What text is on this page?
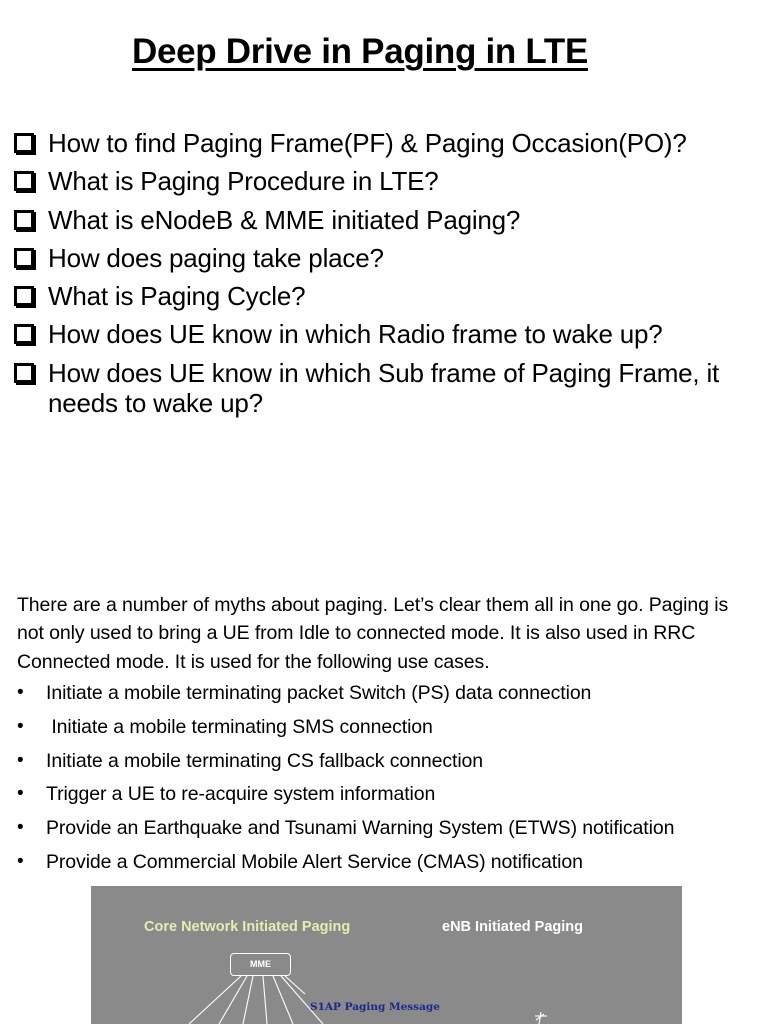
Deep Drive in Paging in LTE
How to find Paging Frame(PF) & Paging Occasion(PO)?
What is Paging Procedure in LTE?
What is eNodeB & MME initiated Paging?
How does paging take place?
What is Paging Cycle?
How does UE know in which Radio frame to wake up?
How does UE know in which Sub frame of Paging Frame, it needs to wake up?

There are a number of myths about paging. Let’s clear them all in one go. Paging is not only used to bring a UE from Idle to connected mode. It is also used in RRC Connected mode. It is used for the following use cases.

• Initiate a mobile terminating packet Switch (PS) data connection
• Initiate a mobile terminating SMS connection
• Initiate a mobile terminating CS fallback connection
• Trigger a UE to re-acquire system information
• Provide an Earthquake and Tsunami Warning System (ETWS) notification
• Provide a Commercial Mobile Alert Service (CMAS) notification
Core Network Initiated Paging	eNB Initiated Paging
MME
S1AP Paging Message
